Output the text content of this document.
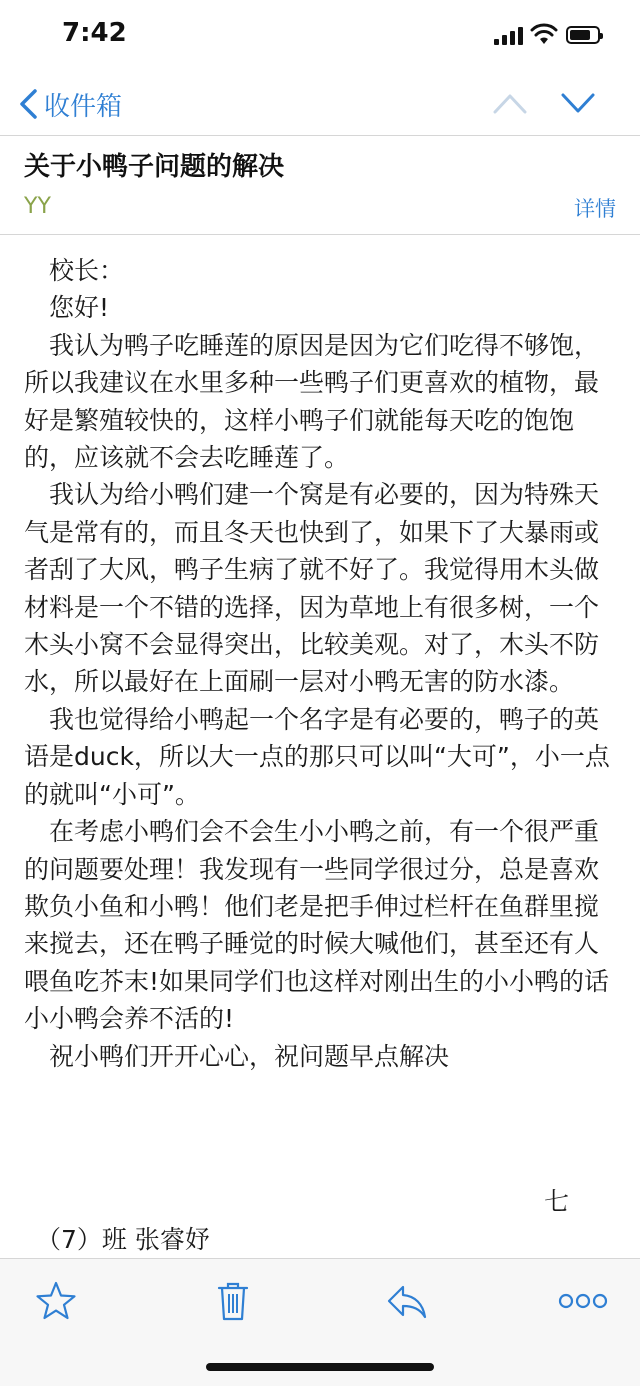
7:42
收件箱
关于小鸭子问题的解决
YY	详情

校长：

您好!

我认为鸭子吃睡莲的原因是因为它们吃得不够饱，所以我建议在水里多种一些鸭子们更喜欢的植物，最好是繁殖较快的，这样小鸭子们就能每天吃的饱饱的，应该就不会去吃睡莲了。

我认为给小鸭们建一个窝是有必要的，因为特殊天气是常有的，而且冬天也快到了，如果下了大暴雨或者刮了大风，鸭子生病了就不好了。我觉得用木头做材料是一个不错的选择，因为草地上有很多树，一个木头小窝不会显得突出，比较美观。对了，木头不防水，所以最好在上面刷一层对小鸭无害的防水漆。

我也觉得给小鸭起一个名字是有必要的，鸭子的英语是duck，所以大一点的那只可以叫“大可”，小一点的就叫“小可”。

在考虑小鸭们会不会生小小鸭之前，有一个很严重的问题要处理！我发现有一些同学很过分，总是喜欢欺负小鱼和小鸭！他们老是把手伸过栏杆在鱼群里搅来搅去，还在鸭子睡觉的时候大喊他们，甚至还有人喂鱼吃芥末!如果同学们也这样对刚出生的小小鸭的话小小鸭会养不活的!

祝小鸭们开开心心，祝问题早点解决

七
（7）班 张睿妤
